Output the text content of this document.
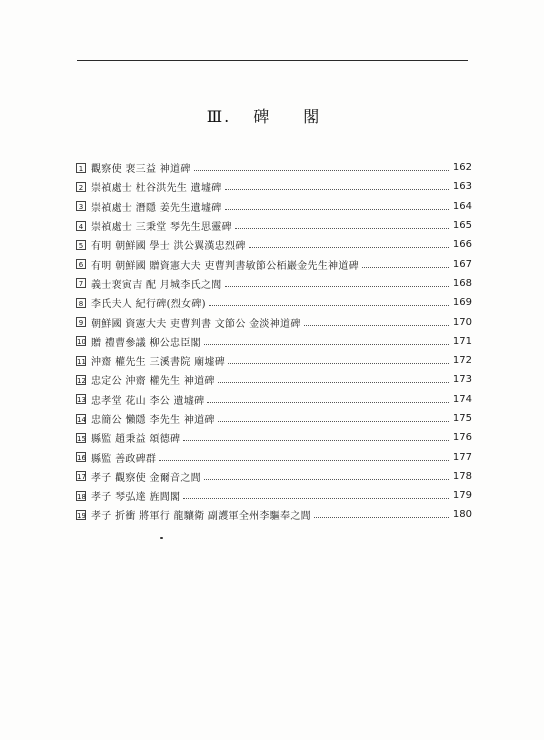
Ⅲ. 碑 閣
1 觀察使 裵三益 神道碑	162
2 崇禎處士 杜谷洪先生 遺墟碑	163
3 崇禎處士 潛隱 姜先生遺墟碑	164
4 崇禎處士 三秉堂 琴先生思靈碑	165
5 有明 朝鮮國 學士 洪公翼漢忠烈碑	166
6 有明 朝鮮國 贈資憲大夫 吏曹判書敏節公栢巖金先生神道碑	167
7 義士裵寅吉 配 月城李氏之閭	168
8 李氏夫人 紀行碑(烈女碑)	169
9 朝鮮國 資憲大夫 吏曹判書 文節公 金淡神道碑	170
10 贈 禮曹參議 柳公忠臣閣	171
11 沖齋 權先生 三溪書院 廟墟碑	172
12 忠定公 沖齋 權先生 神道碑	173
13 忠孝堂 花山 李公 遺墟碑	174
14 忠簡公 懶隱 李先生 神道碑	175
15 縣監 趙秉益 頌德碑	176
16 縣監 善政碑群	177
17 孝子 觀察使 金爾音之閭	178
18 孝子 琴弘達 旌閭閣	179
19 孝子 折衝 將軍行 龍驤衛 副護軍全州李驅奉之閭	180
